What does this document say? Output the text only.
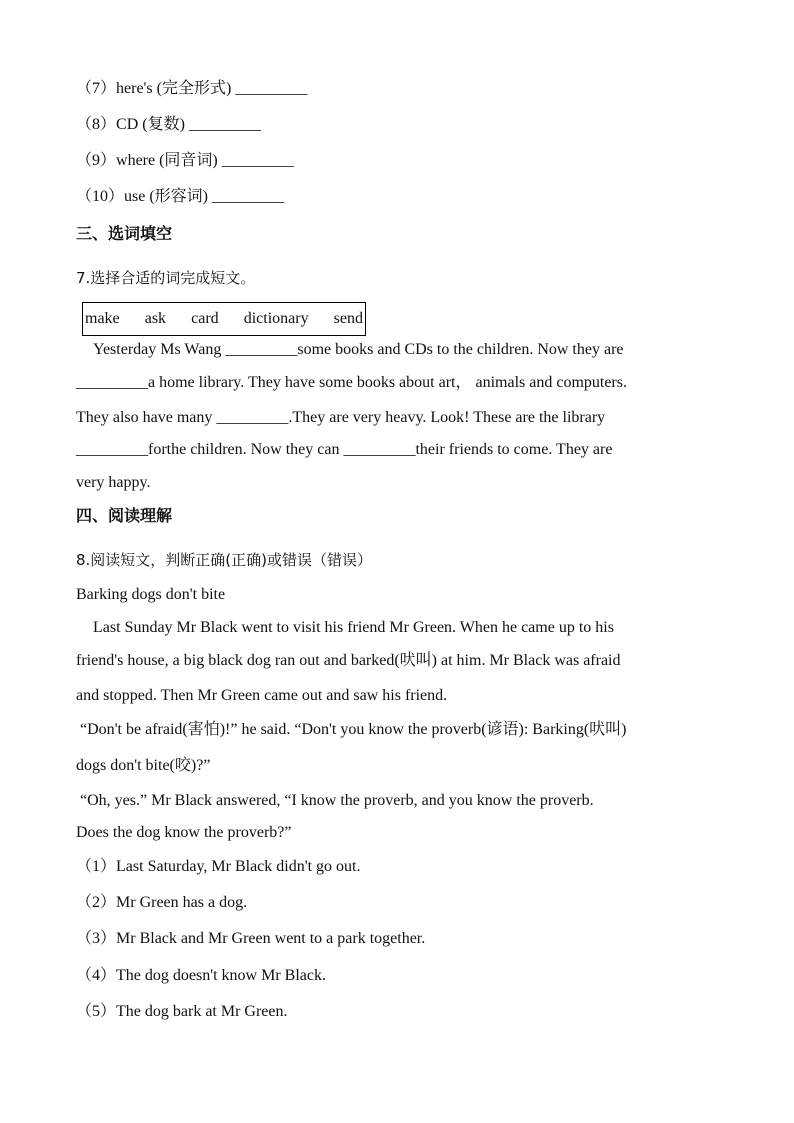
（7）here's (完全形式) _________
（8）CD (复数) _________
（9）where (同音词) _________
（10）use (形容词) _________
三、选词填空
7.选择合适的词完成短文。
make ask card dictionary send
Yesterday Ms Wang _________some books and CDs to the children. Now they are
_________a home library. They have some books about art， animals and computers.
They also have many _________.They are very heavy. Look! These are the library
_________forthe children. Now they can _________their friends to come. They are
very happy.
四、阅读理解
8.阅读短文，判断正确(正确)或错误（错误）
Barking dogs don't bite
Last Sunday Mr Black went to visit his friend Mr Green. When he came up to his
friend's house, a big black dog ran out and barked(吠叫) at him. Mr Black was afraid
and stopped. Then Mr Green came out and saw his friend.
“Don't be afraid(害怕)!” he said. “Don't you know the proverb(谚语): Barking(吠叫)
dogs don't bite(咬)?”
“Oh, yes.” Mr Black answered, “I know the proverb, and you know the proverb.
Does the dog know the proverb?”
（1）Last Saturday, Mr Black didn't go out.
（2）Mr Green has a dog.
（3）Mr Black and Mr Green went to a park together.
（4）The dog doesn't know Mr Black.
（5）The dog bark at Mr Green.
